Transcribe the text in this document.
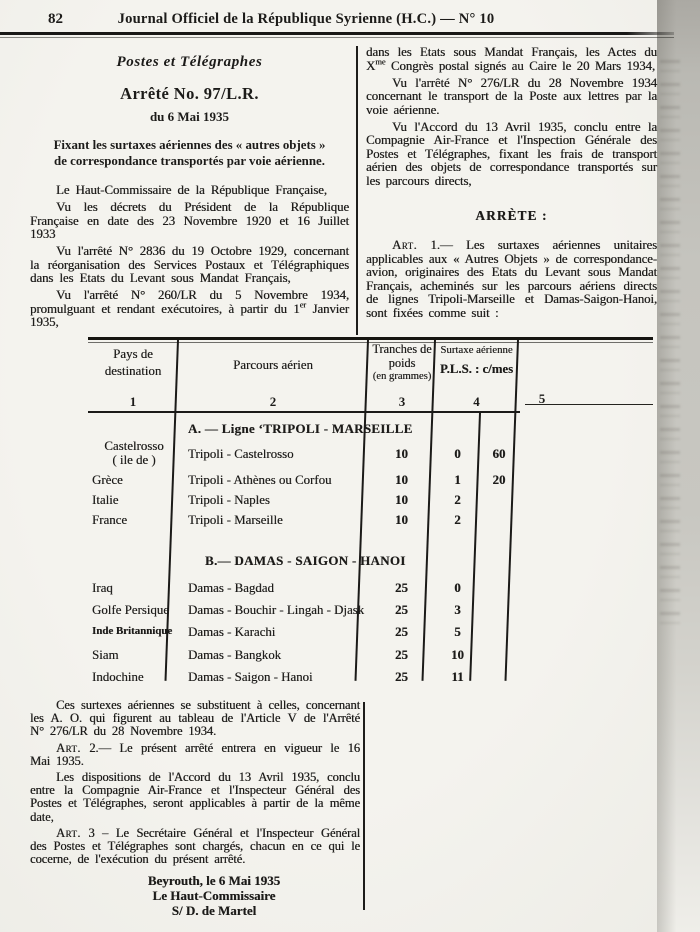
82	Journal Officiel de la République Syrienne (H.C.) — N° 10
Postes et Télégraphes
Arrêté No. 97/L.R.
du 6 Mai 1935
Fixant les surtaxes aériennes des « autres objets »
de correspondance transportés par voie aérienne.

Le Haut-Commissaire de la République Française,

Vu les décrets du Président de la République Française en date des 23 Novembre 1920 et 16 Juillet 1933

Vu l'arrêté N° 2836 du 19 Octobre 1929, concernant la réorganisation des Services Postaux et Télégraphiques dans les Etats du Levant sous Mandat Français,

Vu l'arrêté N° 260/LR du 5 Novembre 1934, promulguant et rendant exécutoires, à partir du 1er Janvier 1935,

dans les Etats sous Mandat Français, les Actes du $X^{me}$ Congrès postal signés au Caire le 20 Mars 1934,

Vu l'arrêté N° 276/LR du 28 Novembre 1934 concernant le transport de la Poste aux lettres par la voie aérienne.

Vu l'Accord du 13 Avril 1935, conclu entre la Compagnie Air-France et l'Inspection Générale des Postes et Télégraphes, fixant les frais de transport aérien des objets de correspondance transportés sur les parcours directs,

ARRÈTE :

Art. 1.— Les surtaxes aériennes unitaires applicables aux « Autres Objets » de correspondance-avion, originaires des Etats du Levant sous Mandat Français, acheminés sur les parcours aériens directs de lignes Tripoli-Marseille et Damas-Saigon-Hanoi, sont fixées comme suit :

Pays de
destination	Parcours aérien
Tranches de
poids
(en grammes)
Surtaxe aérienne
P.L.S. : c/mes
1	2	3	4	5
A. — Ligne ‘TRIPOLI - MARSEILLE
Castelrosso
( ile de )	Tripoli - Castelrosso	10	0	60
Grèce	Tripoli - Athènes ou Corfou	10	1	20
Italie	Tripoli - Naples	10	2
France	Tripoli - Marseille	10	2
B.— DAMAS - SAIGON - HANOI
Iraq	Damas - Bagdad	25	0
Golfe Persique	Damas - Bouchir - Lingah - Djask	25	3
Inde Britannique Damas - Karachi	25	5
Siam	Damas - Bangkok	25	10
Indochine	Damas - Saigon - Hanoi	25	11

Ces surtexes aériennes se substituent à celles, concernant les A. O. qui figurent au tableau de l'Article V de l'Arrêté N° 276/LR du 28 Novembre 1934.

Art. 2.— Le présent arrêté entrera en vigueur le 16 Mai 1935.

Les dispositions de l'Accord du 13 Avril 1935, conclu entre la Compagnie Air-France et l'Inspecteur Général des Postes et Télégraphes, seront applicables à partir de la même date,

Art. 3 – Le Secrétaire Général et l'Inspecteur Général des Postes et Télégraphes sont chargés, chacun en ce qui le cocerne, de l'exécution du présent arrêté.

Beyrouth, le 6 Mai 1935
Le Haut-Commissaire
S/ D. de Martel
